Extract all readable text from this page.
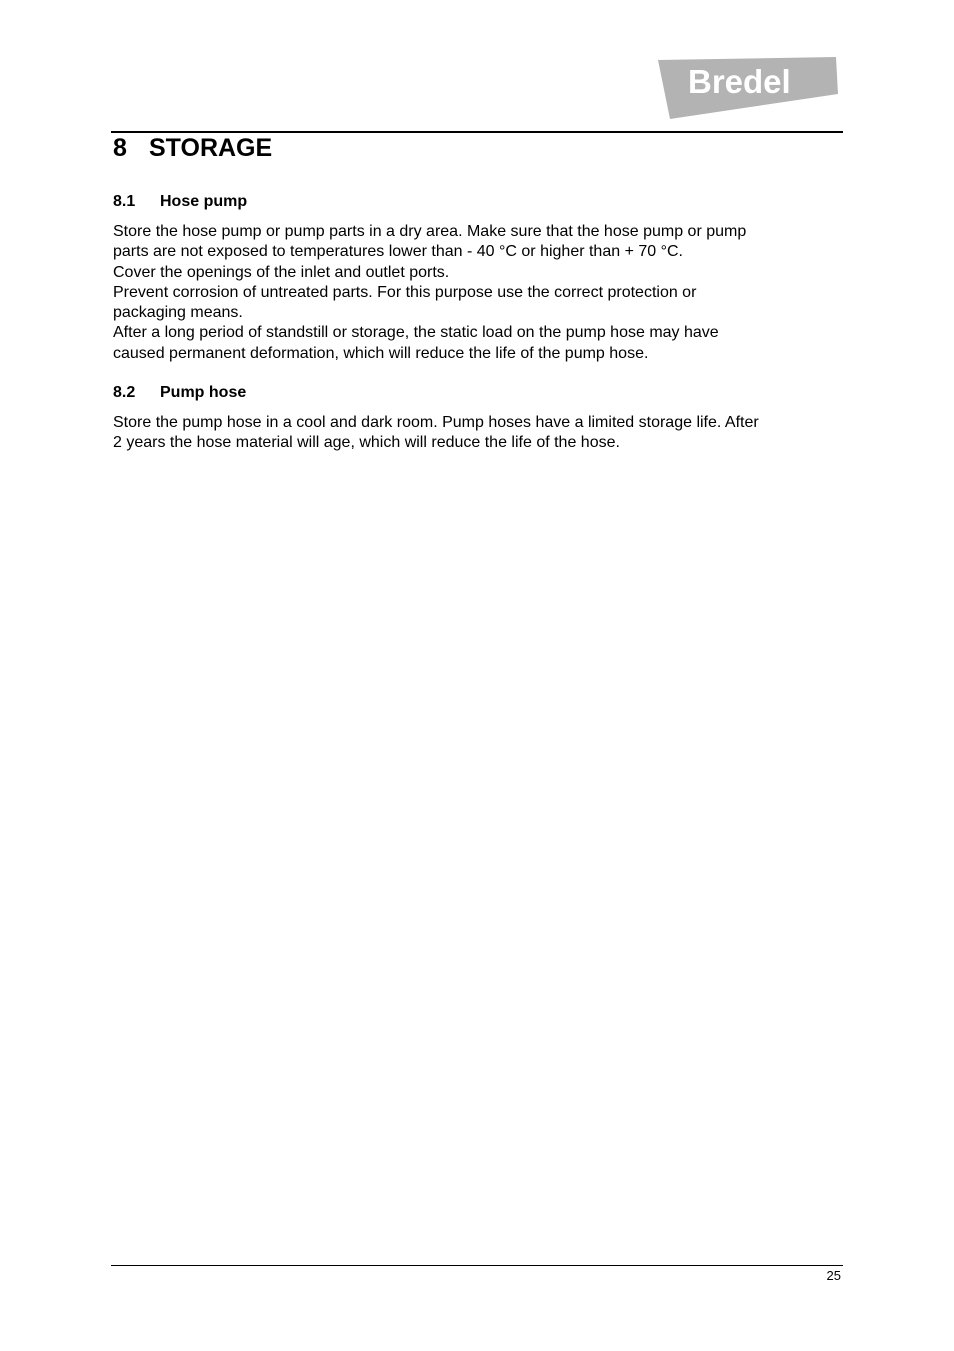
Bredel
8 STORAGE
8.1 Hose pump
Store the hose pump or pump parts in a dry area. Make sure that the hose pump or pump
parts are not exposed to temperatures lower than - 40 °C or higher than + 70 °C.
Cover the openings of the inlet and outlet ports.
Prevent corrosion of untreated parts. For this purpose use the correct protection or
packaging means.
After a long period of standstill or storage, the static load on the pump hose may have
caused permanent deformation, which will reduce the life of the pump hose.
8.2 Pump hose
Store the pump hose in a cool and dark room. Pump hoses have a limited storage life. After
2 years the hose material will age, which will reduce the life of the hose.
25
